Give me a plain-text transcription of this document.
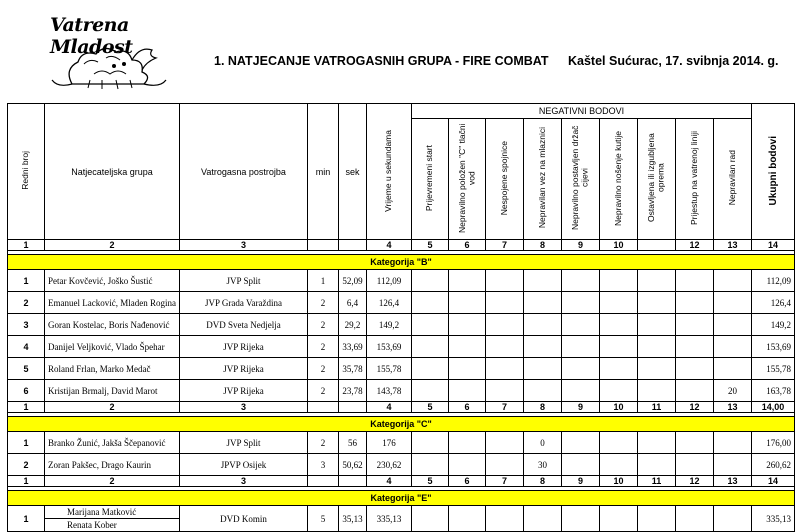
Vatrena Mladost
1. NATJECANJE VATROGASNIH GRUPA - FIRE COMBAT Kaštel Sućurac, 17. svibnja 2014. g.
Redni broj	Natjecateljska grupa	Vatrogasna postrojba	min	sek	Vrijeme u sekundama	NEGATIVNI BODOVI									Ukupni bodovi
						Prijevremeni start	Nepravilno položen "C" tlačni vod	Nespojene spojnice	Nepravilan vez na mlaznici	Nepravilno postavljen držač cijevi	Nepravilno nošenje kutije	Ostavljena ili izgubljena oprema	Prijestup na vatrenoj liniji	Nepravilan rad	
1	2	3			4	5	6	7	8	9	10		12	13	14

Kategorija "B"															
1	Petar Kovčević, Joško Šustić	JVP Split	1	52,09	112,09										112,09
2	Emanuel Lacković, Mladen Rogina	JVP Grada Varaždina	2	6,4	126,4										126,4
3	Goran Kostelac, Boris Nađenović	DVD Sveta Nedjelja	2	29,2	149,2										149,2
4	Danijel Veljković, Vlado Špehar	JVP Rijeka	2	33,69	153,69										153,69
5	Roland Frlan, Marko Medač	JVP Rijeka	2	35,78	155,78										155,78
6	Kristijan Brmalj, David Marot	JVP Rijeka	2	23,78	143,78									20	163,78
1	2	3			4	5	6	7	8	9	10	11	12	13	14,00

Kategorija "C"															
1	Branko Žunić, Jakša Ščepanović	JVP Split	2	56	176				0						176,00
2	Zoran Pakšec, Drago Kaurin	JPVP Osijek	3	50,62	230,62				30						260,62
1	2	3			4	5	6	7	8	9	10	11	12	13	14

Kategorija "E"															
1	Marijana Matković
Renata Kober	DVD Komin	5	35,13	335,13										335,13
